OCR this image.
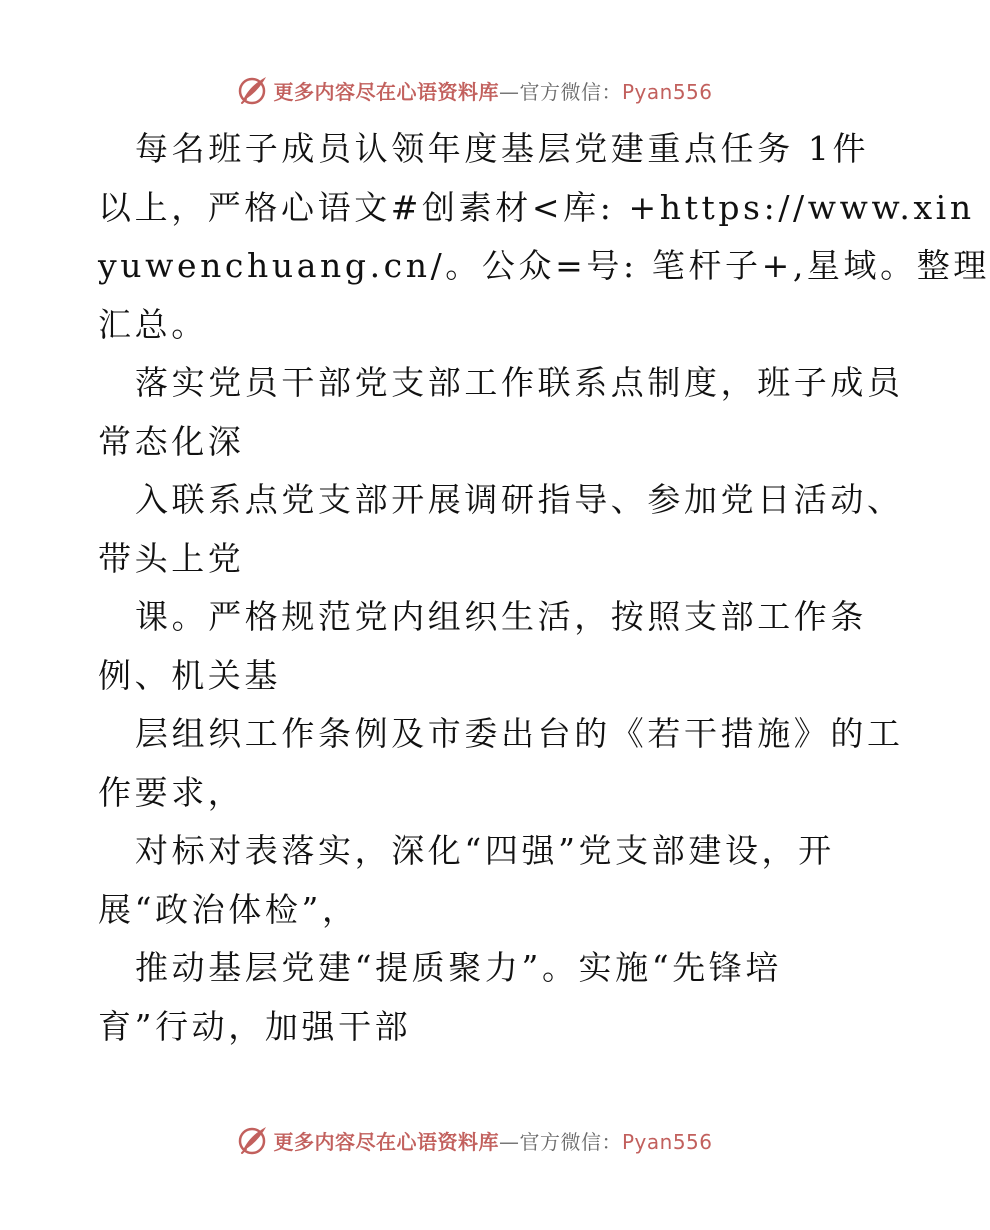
更多内容尽在心语资料库—官方微信：Pyan556
每名班子成员认领年度基层党建重点任务 1件
以上，严格心语文#创素材<库: +https://www.xin
yuwenchuang.cn/。公众=号: 笔杆子+,星域。整理
汇总。
落实党员干部党支部工作联系点制度，班子成员
常态化深
入联系点党支部开展调研指导、参加党日活动、
带头上党
课。严格规范党内组织生活，按照支部工作条
例、机关基
层组织工作条例及市委出台的《若干措施》的工
作要求，
对标对表落实，深化“四强”党支部建设，开
展“政治体检”，
推动基层党建“提质聚力”。实施“先锋培
育”行动，加强干部
更多内容尽在心语资料库—官方微信：Pyan556
